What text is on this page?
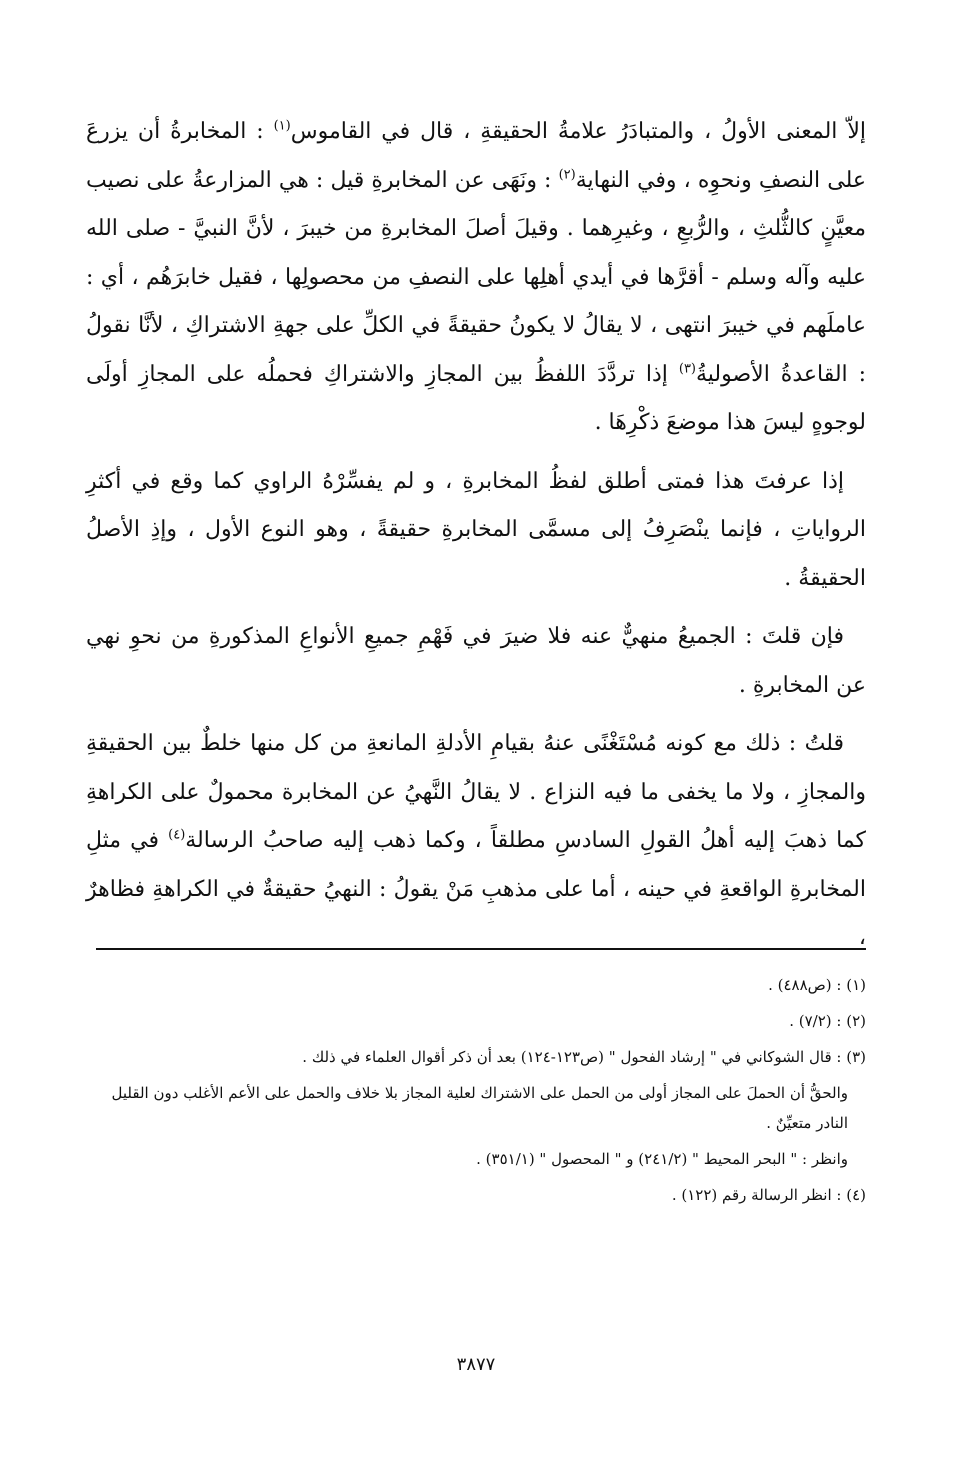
إلاّ المعنى الأولُ ، والمتبادَرُ علامةُ الحقيقةِ ، قال في القاموس$^{(١)}$ : المخابرةُ أن يزرعَ على النصفِ ونحوِه ، وفي النهاية$^{(٢)}$ : ونَهَى عن المخابرةِ قيل : هي المزارعةُ على نصيب معيَّنٍ كالثُّلثِ ، والرُّبعِ ، وغيرِهما . وقيلَ أصلَ المخابرةِ من خيبرَ ، لأنَّ النبيَّ - صلى الله عليه وآله وسلم - أقرَّها في أيدي أهلِها على النصفِ من محصولِها ، فقيل خابرَهُم ، أي : عاملَهم في خيبرَ انتهى ، لا يقالُ لا يكونُ حقيقةً في الكلِّ على جهةِ الاشتراكِ ، لأنَّا نقولُ : القاعدةُ الأصوليةُ$^{(٣)}$ إذا تردَّدَ اللفظُ بين المجازِ والاشتراكِ فحملُه على المجازِ أولَى لوجوهٍ ليسَ هذا موضعَ ذكْرِهَا .

إذا عرفتَ هذا فمتى أطلق لفظُ المخابرةِ ، و لم يفسِّرْهُ الراوي كما وقع في أكثرِ الرواياتِ ، فإنما ينْصَرِفُ إلى مسمَّى المخابرةِ حقيقةً ، وهو النوع الأول ، وإذِ الأصلُ الحقيقةُ .

فإن قلتَ : الجميعُ منهيٌّ عنه فلا ضيرَ في فَهْمِ جميعِ الأنواعِ المذكورةِ من نحوِ نهي عن المخابرةِ .

قلتُ : ذلك مع كونه مُسْتَغْنًى عنهُ بقيامِ الأدلةِ المانعةِ من كل منها خلطٌ بين الحقيقةِ والمجازِ ، ولا ما يخفى ما فيه النزاع . لا يقالُ النَّهيُ عن المخابرة محمولٌ على الكراهةِ كما ذهبَ إليه أهلُ القولِ السادسِ مطلقاً ، وكما ذهب إليه صاحبُ الرسالة$^{(٤)}$ في مثلِ المخابرةِ الواقعةِ في حينه ، أما على مذهبِ مَنْ يقولُ : النهيُ حقيقةٌ في الكراهةِ فظاهرٌ ،

(١) : (ص٤٨٨) .
(٢) : (٧/٢) .
(٣) : قال الشوكاني في " إرشاد الفحول " (ص١٢٣-١٢٤) بعد أن ذكر أقوال العلماء في ذلك .
والحقُّ أن الحملَ على المجاز أولى من الحمل على الاشتراك لعلية المجاز بلا خلاف والحمل على الأعم الأغلب دون القليل النادر متعيِّنٌ .
وانظر : " البحر المحيط " (٢٤١/٢) و " المحصول " (٣٥١/١) .
(٤) : انظر الرسالة رقم (١٢٢) .
٣٨٧٧
